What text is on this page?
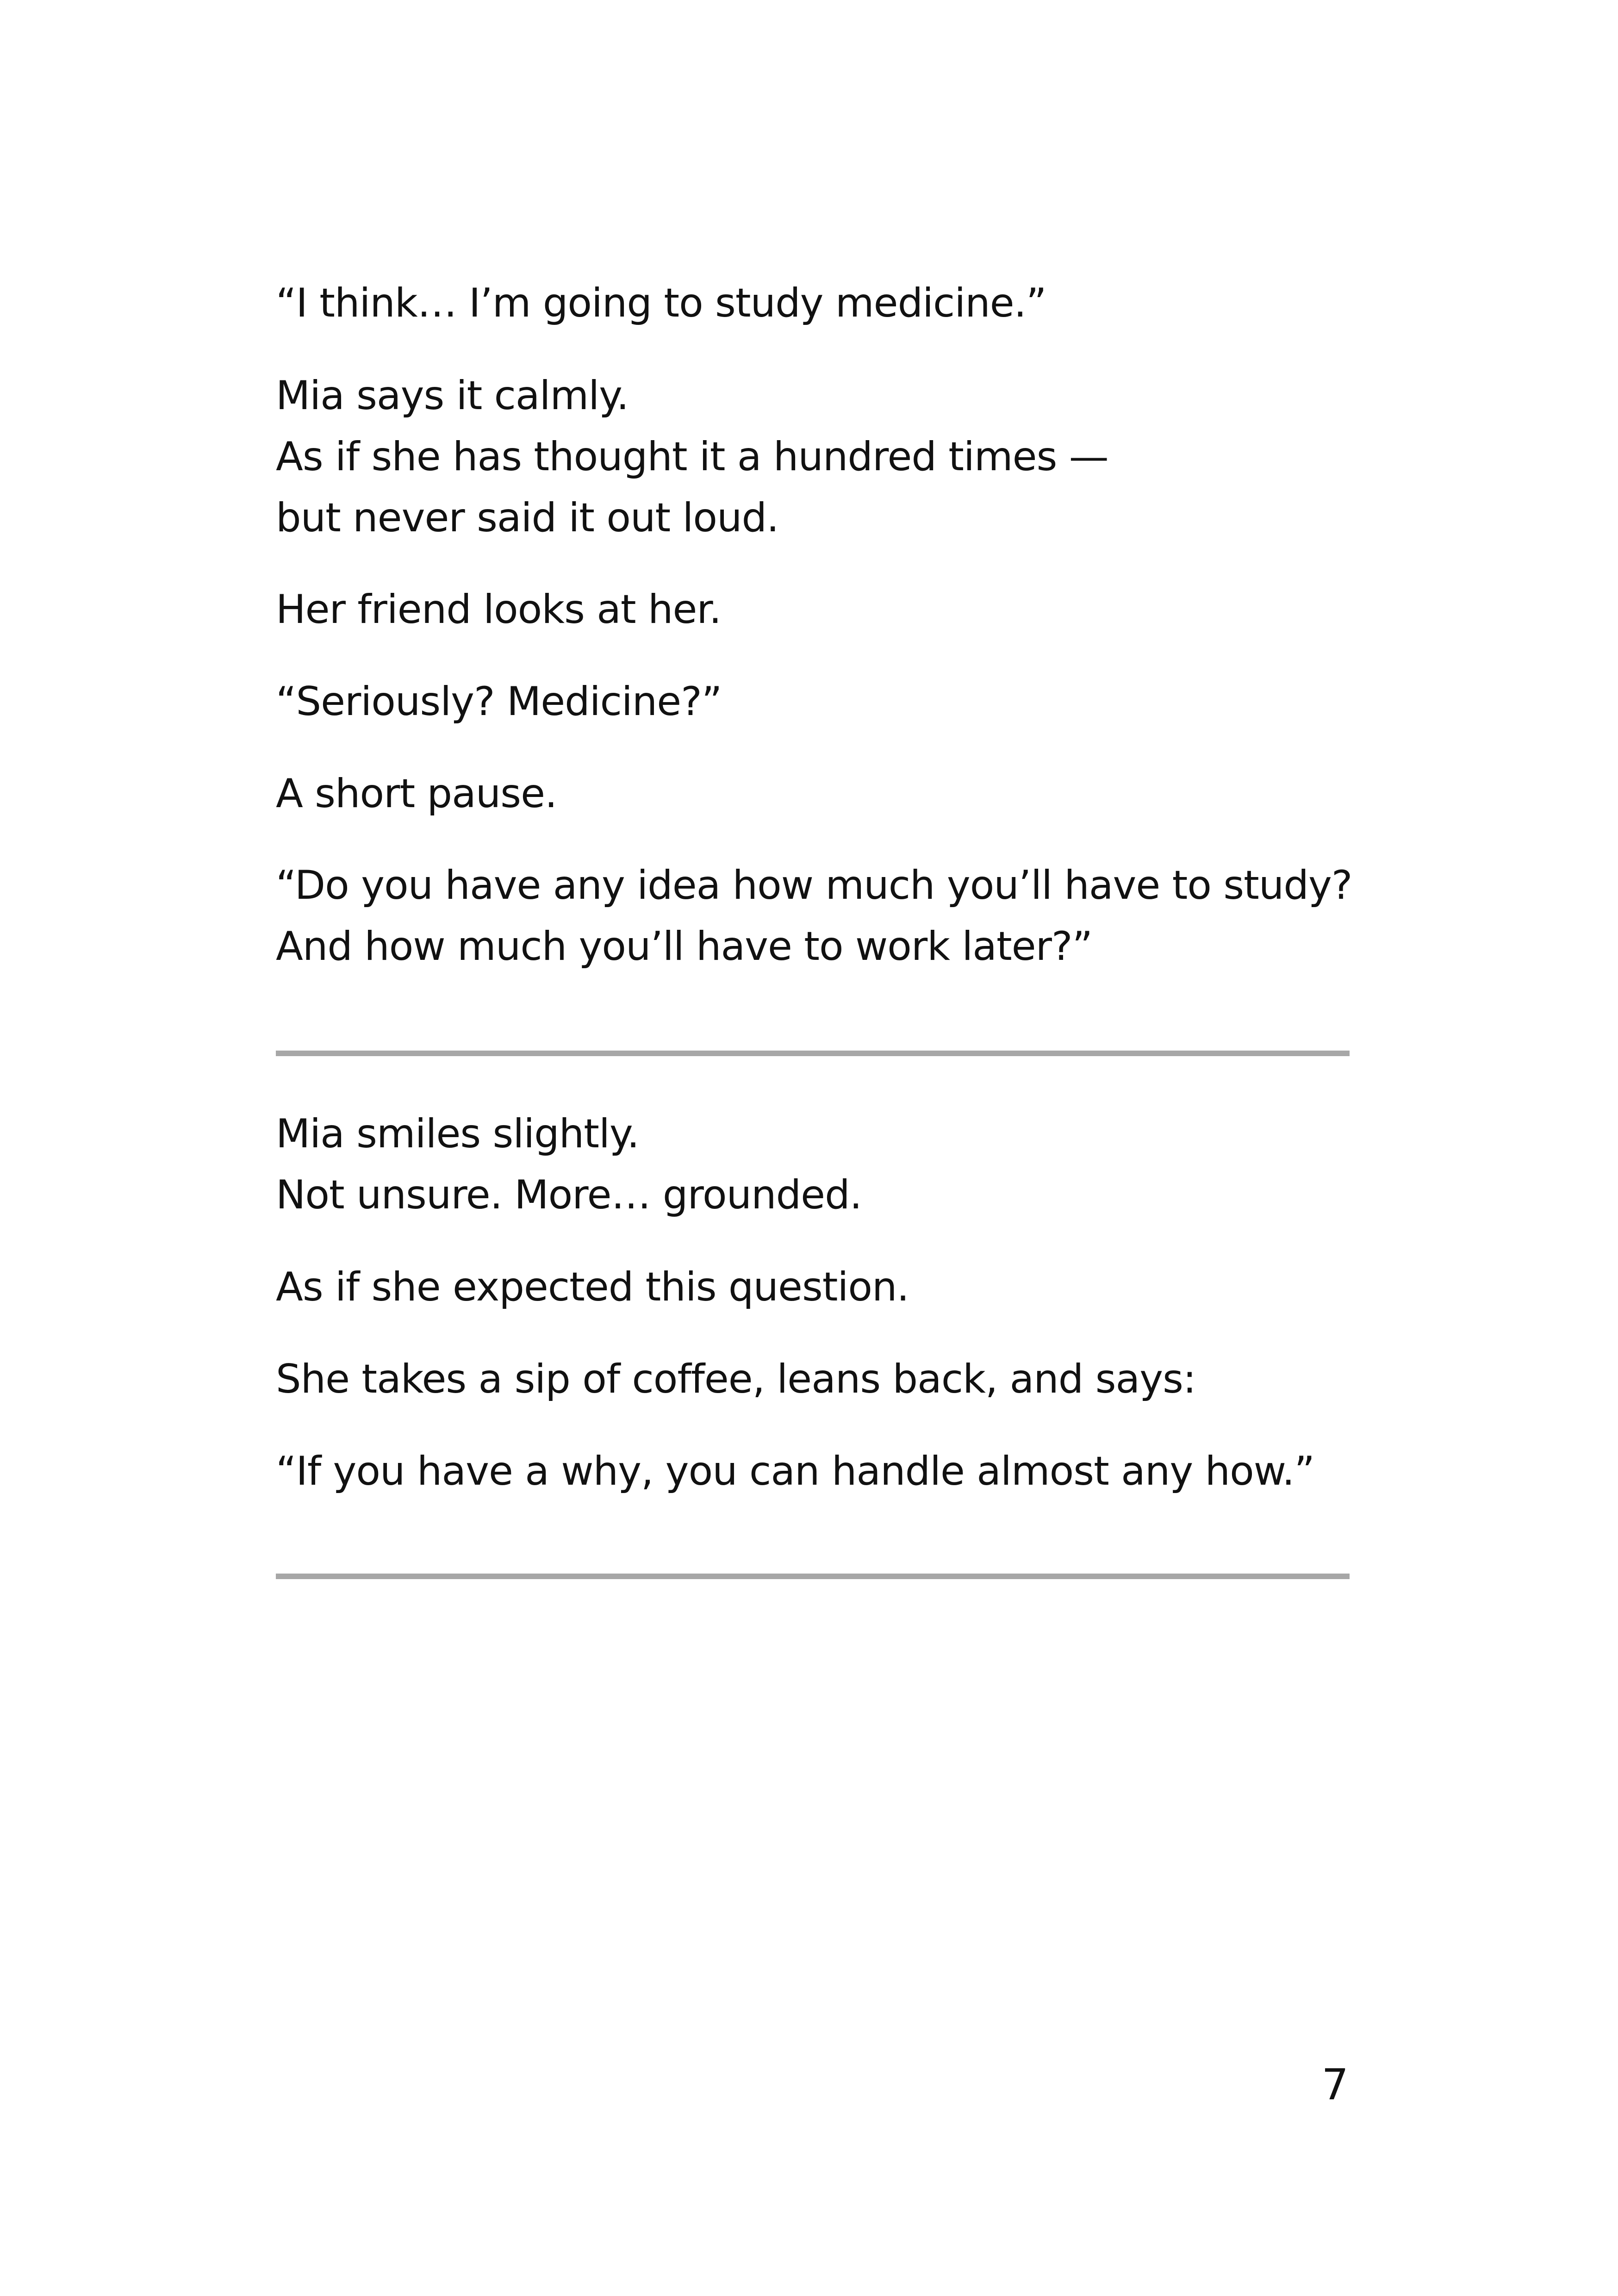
“I think… I’m going to study medicine.”
Mia says it calmly.
As if she has thought it a hundred times —
but never said it out loud.
Her friend looks at her.
“Seriously? Medicine?”
A short pause.
“Do you have any idea how much you’ll have to study?
And how much you’ll have to work later?”
Mia smiles slightly.
Not unsure. More… grounded.
As if she expected this question.
She takes a sip of coffee, leans back, and says:
“If you have a why, you can handle almost any how.”
7
